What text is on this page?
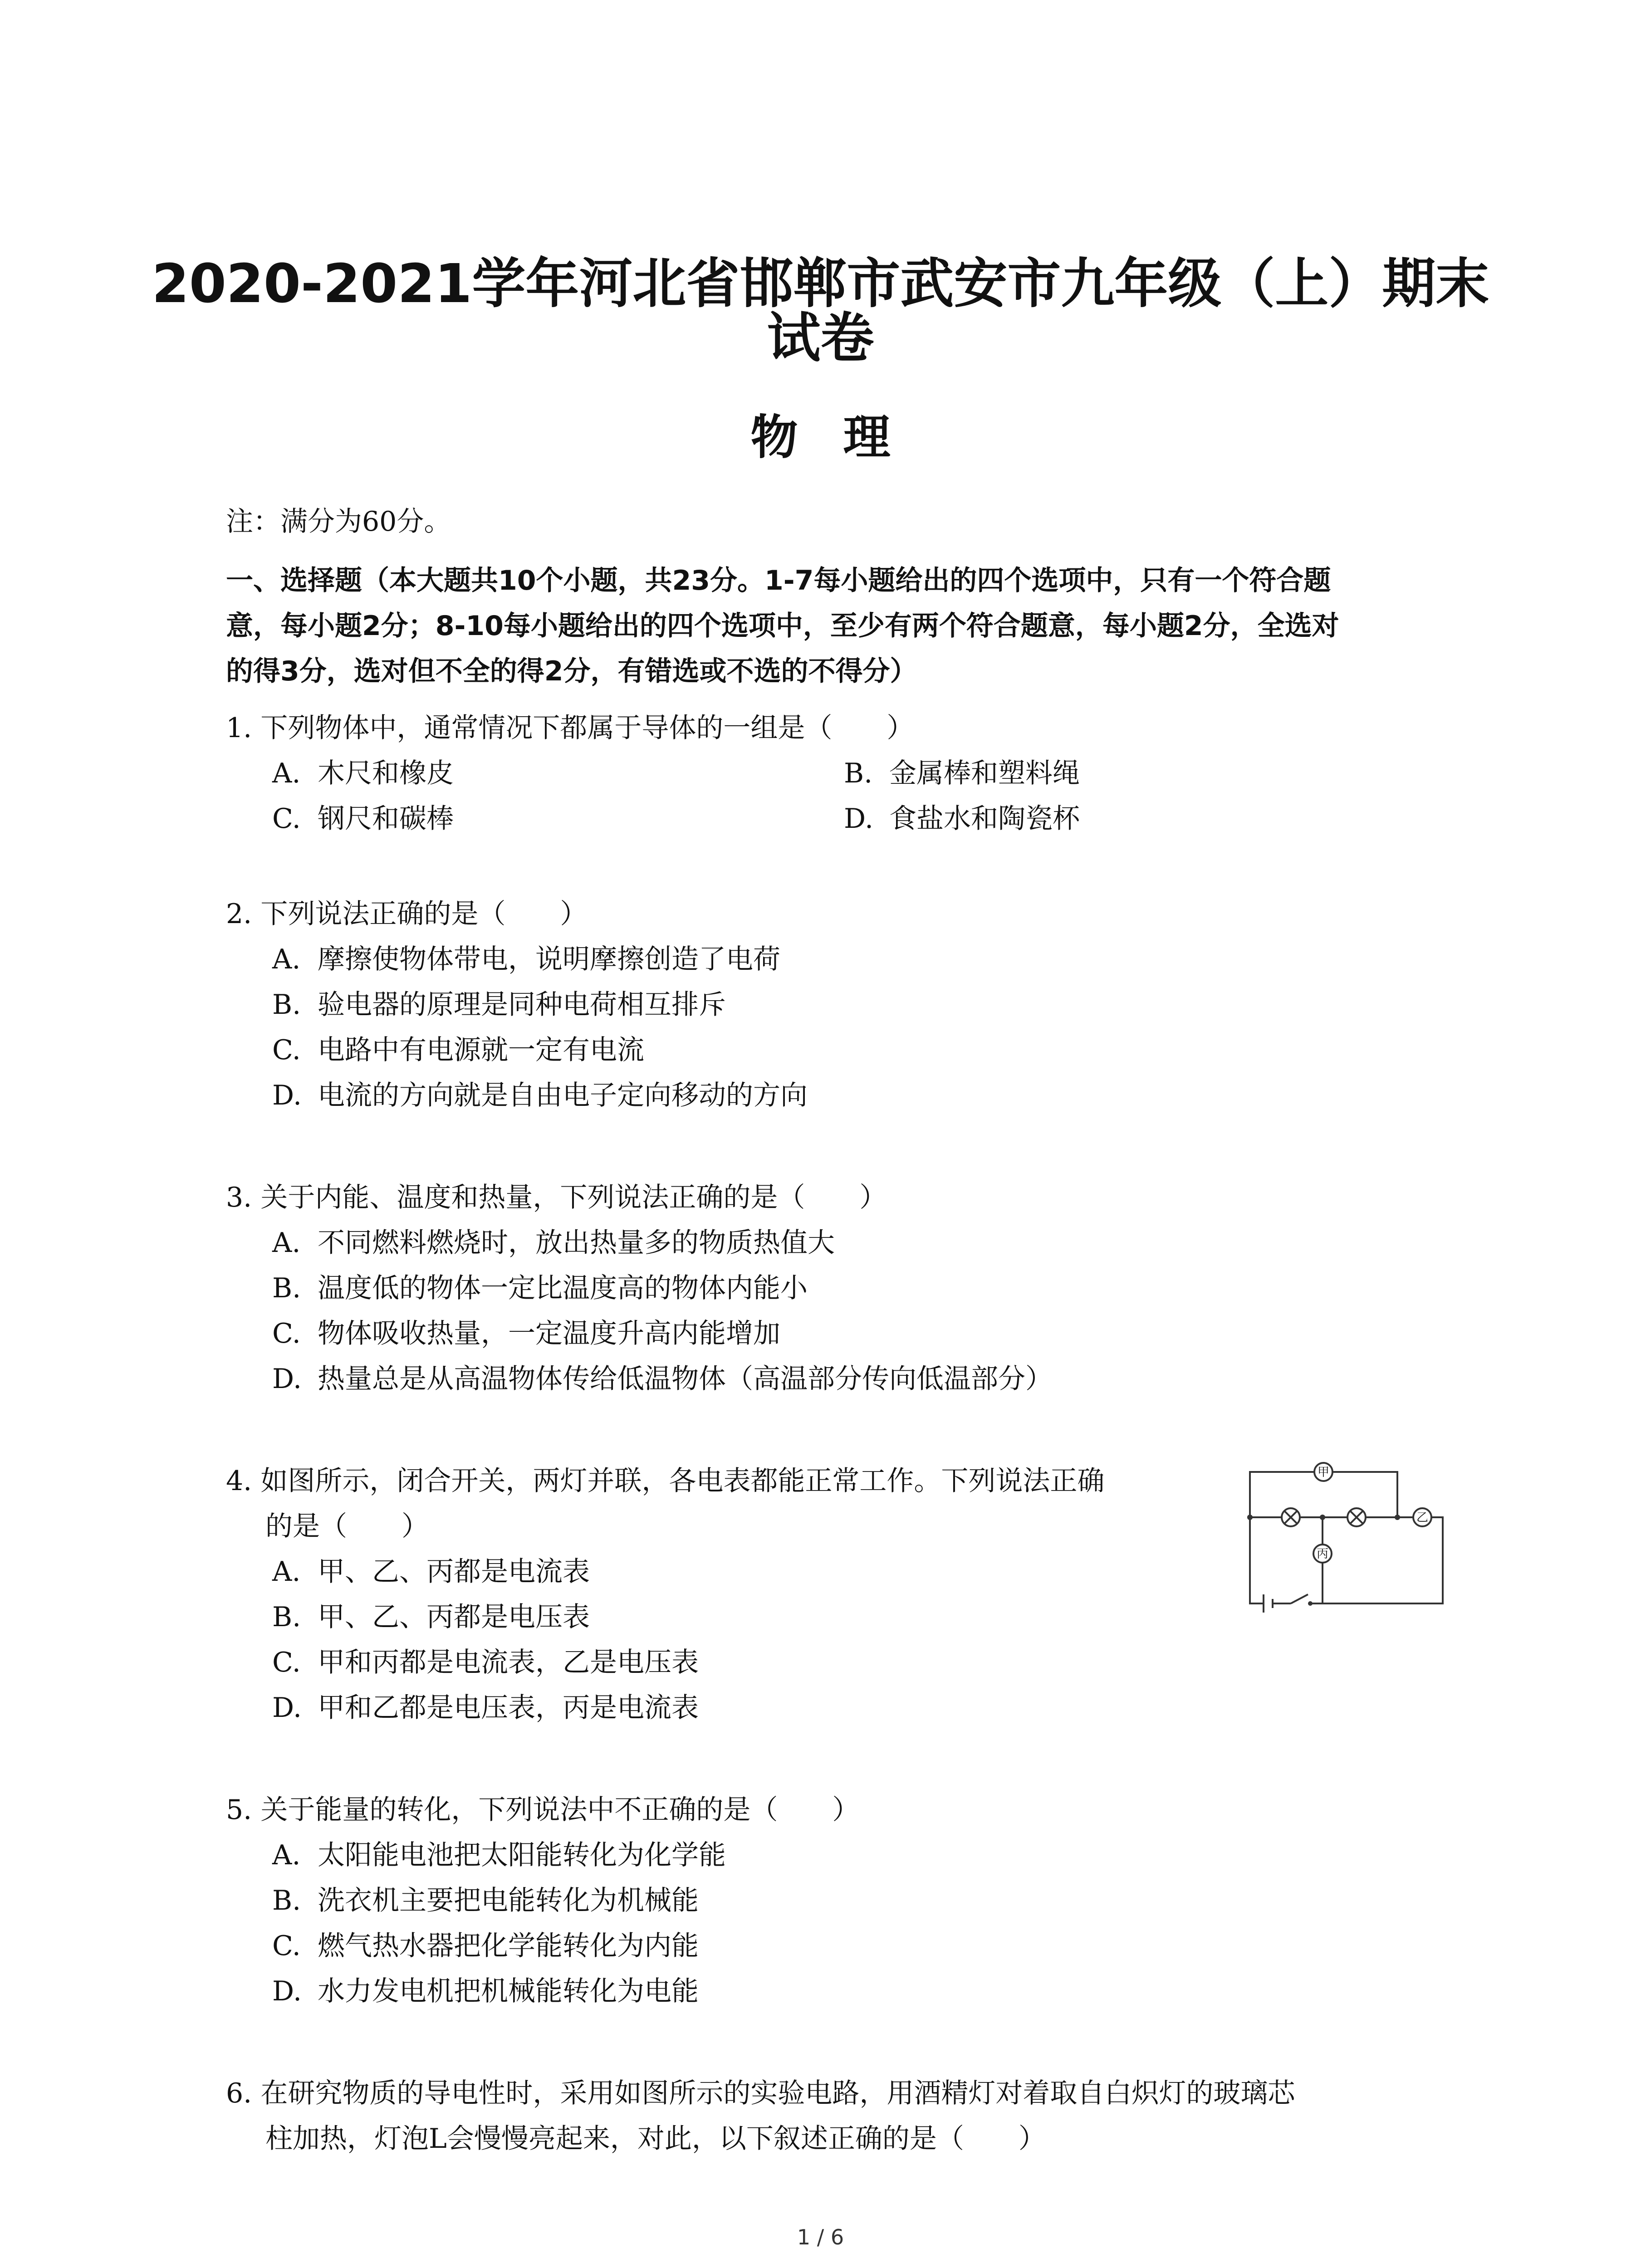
2020-2021学年河北省邯郸市武安市九年级（上）期末
试卷
物理
注：满分为60分。
一、选择题（本大题共10个小题，共23分。1-7每小题给出的四个选项中，只有一个符合题
意，每小题2分；8-10每小题给出的四个选项中，至少有两个符合题意，每小题2分，全选对
的得3分，选对但不全的得2分，有错选或不选的不得分）
1. 下列物体中，通常情况下都属于导体的一组是（　　）
A. 木尺和橡皮	B. 金属棒和塑料绳
C. 钢尺和碳棒	D. 食盐水和陶瓷杯
2. 下列说法正确的是（　　）
A. 摩擦使物体带电，说明摩擦创造了电荷
B. 验电器的原理是同种电荷相互排斥
C. 电路中有电源就一定有电流
D. 电流的方向就是自由电子定向移动的方向
3. 关于内能、温度和热量，下列说法正确的是（　　）
A. 不同燃料燃烧时，放出热量多的物质热值大
B. 温度低的物体一定比温度高的物体内能小
C. 物体吸收热量，一定温度升高内能增加
D. 热量总是从高温物体传给低温物体（高温部分传向低温部分）
4. 如图所示，闭合开关，两灯并联，各电表都能正常工作。下列说法正确
的是（　　）
A. 甲、乙、丙都是电流表
B. 甲、乙、丙都是电压表
C. 甲和丙都是电流表，乙是电压表
D. 甲和乙都是电压表，丙是电流表
甲
乙
丙
5. 关于能量的转化，下列说法中不正确的是（　　）
A. 太阳能电池把太阳能转化为化学能
B. 洗衣机主要把电能转化为机械能
C. 燃气热水器把化学能转化为内能
D. 水力发电机把机械能转化为电能
6. 在研究物质的导电性时，采用如图所示的实验电路，用酒精灯对着取自白炽灯的玻璃芯
柱加热，灯泡L会慢慢亮起来，对此，以下叙述正确的是（　　）
1 / 6
